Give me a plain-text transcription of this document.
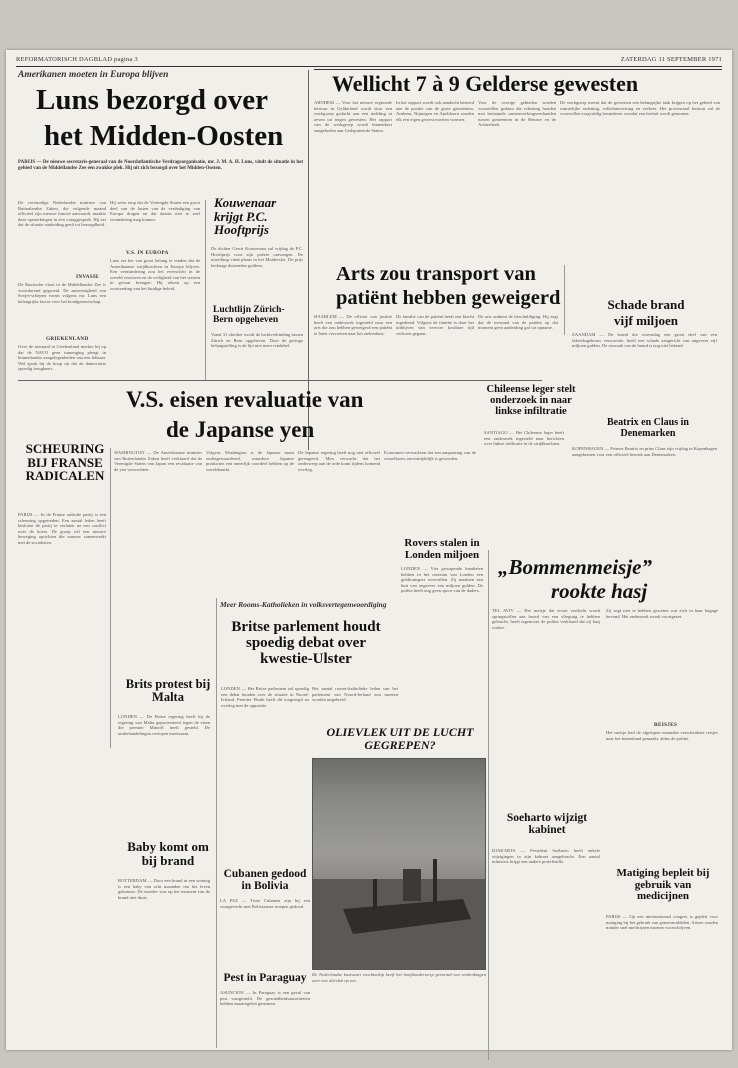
REFORMATORISCH DAGBLAD pagina 3	ZATERDAG 11 SEPTEMBER 1971
Amerikanen moeten in Europa blijven
Luns bezorgd over
het Midden-Oosten
PARIJS — De nieuwe secretaris-generaal van de Noordatlantische Verdragsorganisatie, mr. J. M. A. H. Luns, vindt de situatie in het gebied van de Middellandse Zee een zwakke plek. Hij uit zich bezorgd over het Midden-Oosten.
De voormalige Nederlandse minister van Buitenlandse Zaken, die volgende maand officieel zijn nieuwe functie aanvaardt, maakte deze opmerkingen in een vraaggesprek. Hij zei dat de situatie aanleiding geeft tot bezorgdheid.
INVASIE
De Russische vloot in de Middellandse Zee is voortdurend gegroeid. De aanwezigheid van Sovjet-schepen vormt volgens mr. Luns een belangrijke factor voor het bondgenootschap.
GRIEKENLAND
Over de toestand in Griekenland merkte hij op dat de NAVO geen inmenging pleegt in binnenlandse aangelegenheden van een lidstaat. Wel sprak hij de hoop uit dat de democratie spoedig terugkeert.
Hij wees erop dat de Verenigde Staten een groot deel van de lasten van de verdediging van Europa dragen en dat daarin niet te snel verandering mag komen.
V.S. IN EUROPA
Luns zei het van groot belang te vinden dat de Amerikaanse strijdkrachten in Europa blijven. Een vermindering zou het evenwicht in de wereld verstoren en de veiligheid van het westen in gevaar brengen. Hij rekent op een voortzetting van het huidige beleid.
Kouwenaar krijgt P.C. Hooftprijs
De dichter Gerrit Kouwenaar zal vrijdag de P.C. Hooftprijs voor zijn poëzie ontvangen. De uitreiking vindt plaats in het Muiderslot. De prijs bedraagt duizenden guldens.
Luchtlijn Zürich-Bern opgeheven
Vanaf 31 oktober wordt de luchtverbinding tussen Zürich en Bern opgeheven. Door de geringe belangstelling is de lijn niet meer rendabel.
Wellicht 7 à 9 Gelderse gewesten
ARNHEM — Voor het nieuwe regionale bestuur in Gelderland wordt door een werkgroep gedacht aan een indeling in zeven tot negen gewesten. Het rapport van de werkgroep wordt binnenkort aangeboden aan Gedeputeerde Staten.
In het rapport wordt ook aandacht besteed aan de positie van de grote gemeenten. Arnhem, Nijmegen en Apeldoorn zouden elk een eigen gewest moeten vormen.
Voor de overige gebieden worden voorstellen gedaan die rekening houden met bestaande samenwerkingsverbanden tussen gemeenten in de Betuwe en de Achterhoek.
De werkgroep meent dat de gewesten een belangrijke taak krijgen op het gebied van ruimtelijke ordening, volkshuisvesting en verkeer. Het provinciaal bestuur zal de voorstellen zorgvuldig bestuderen voordat een besluit wordt genomen.
Arts zou transport van
patiënt hebben geweigerd
HAARLEM — De officier van justitie heeft een onderzoek ingesteld naar een arts die zou hebben geweigerd een patiënt te laten vervoeren naar het ziekenhuis.
De familie van de patiënt heeft een klacht ingediend. Volgens de familie is door het uitblijven van vervoer kostbare tijd verloren gegaan.
De arts ontkent de beschuldiging. Hij zegt dat de toestand van de patiënt op dat moment geen aanleiding gaf tot opname.
Schade brand
vijf miljoen
ZAANDAM — De brand die woensdag een groot deel van een fabrieksgebouw verwoestte, heeft een schade aangericht van ongeveer vijf miljoen gulden. De oorzaak van de brand is nog niet bekend.
Chileense leger stelt onderzoek in naar linkse infiltratie
SANTIAGO — Het Chileense leger heeft een onderzoek ingesteld naar berichten over linkse infiltratie in de strijdkrachten.
Beatrix en Claus in Denemarken
KOPENHAGEN — Prinses Beatrix en prins Claus zijn vrijdag in Kopenhagen aangekomen voor een officieel bezoek aan Denemarken.
V.S. eisen revaluatie van
de Japanse yen
WASHINGTON — De Amerikaanse minister van Buitenlandse Zaken heeft verklaard dat de Verenigde Staten van Japan een revaluatie van de yen verwachten.
Volgens Washington is de Japanse munt ondergewaardeerd, waardoor Japanse producten een oneerlijk voordeel hebben op de wereldmarkt.
De Japanse regering heeft nog niet officieel gereageerd. Men verwacht dat het onderwerp aan de orde komt tijdens komend overleg.
Economen verwachten dat een aanpassing van de wisselkoers onvermijdelijk is geworden.
SCHEURING BIJ FRANSE RADICALEN
PARIJS — In de Franse radicale partij is een scheuring opgetreden. Een aantal leden heeft besloten de partij te verlaten na een conflict over de koers. De groep wil een nieuwe beweging oprichten die nauwer samenwerkt met de socialisten.	Rovers stalen in Londen miljoen
LONDEN — Vier gewapende bandieten hebben in het centrum van Londen een geldtransport overvallen. Zij maakten een buit van ongeveer een miljoen gulden. De politie heeft nog geen spoor van de daders.
„Bommenmeisje”
rookte hasj
TEL AVIV — Het meisje dat ervan verdacht wordt springstoffen aan boord van een vliegtuig te hebben gebracht, heeft tegenover de politie verklaard dat zij hasj rookte.
Zij zegt niet te hebben geweten wat zich in haar bagage bevond. Het onderzoek wordt voortgezet.
REISJES
Het meisje had de afgelopen maanden verscheidene reisjes naar het buitenland gemaakt, aldus de politie.
Meer Rooms-Katholieken in volksvertegenwoordiging
Britse parlement houdt spoedig debat over kwestie-Ulster
LONDEN — Het Britse parlement zal spoedig een debat houden over de situatie in Noord-Ierland. Premier Heath heeft dit toegezegd na overleg met de oppositie.
Het aantal rooms-katholieke leden van het parlement van Noord-Ierland zou moeten worden uitgebreid.
Brits protest bij Malta
LONDEN — De Britse regering heeft bij de regering van Malta geprotesteerd tegen de eisen die premier Mintoff heeft gesteld. De onderhandelingen verlopen moeizaam.	OLIEVLEK UIT DE LUCHT GEGREPEN?
De Nederlandse kustvaart vrachtschip heeft het hoofdonderwerp gevormd van verdenkingen over een olievlek op zee.
Baby komt om bij brand
ROTTERDAM — Door een brand in een woning is een baby van acht maanden om het leven gekomen. De moeder was op het moment van de brand niet thuis.
Cubanen gedood in Bolivia
LA PAZ — Twee Cubanen zijn bij een vuurgevecht met Boliviaanse troepen gedood.
Pest in Paraguay
ASUNCION — In Paraguay is een geval van pest vastgesteld. De gezondheidsautoriteiten hebben maatregelen genomen.
Soeharto wijzigt kabinet
DJAKARTA — President Soeharto heeft enkele wijzigingen in zijn kabinet aangebracht. Een aantal ministers krijgt een andere portefeuille.
Matiging bepleit bij gebruik van medicijnen
PARIJS — Op een internationaal congres is gepleit voor matiging bij het gebruik van geneesmiddelen. Artsen zouden minder snel medicijnen moeten voorschrijven.
